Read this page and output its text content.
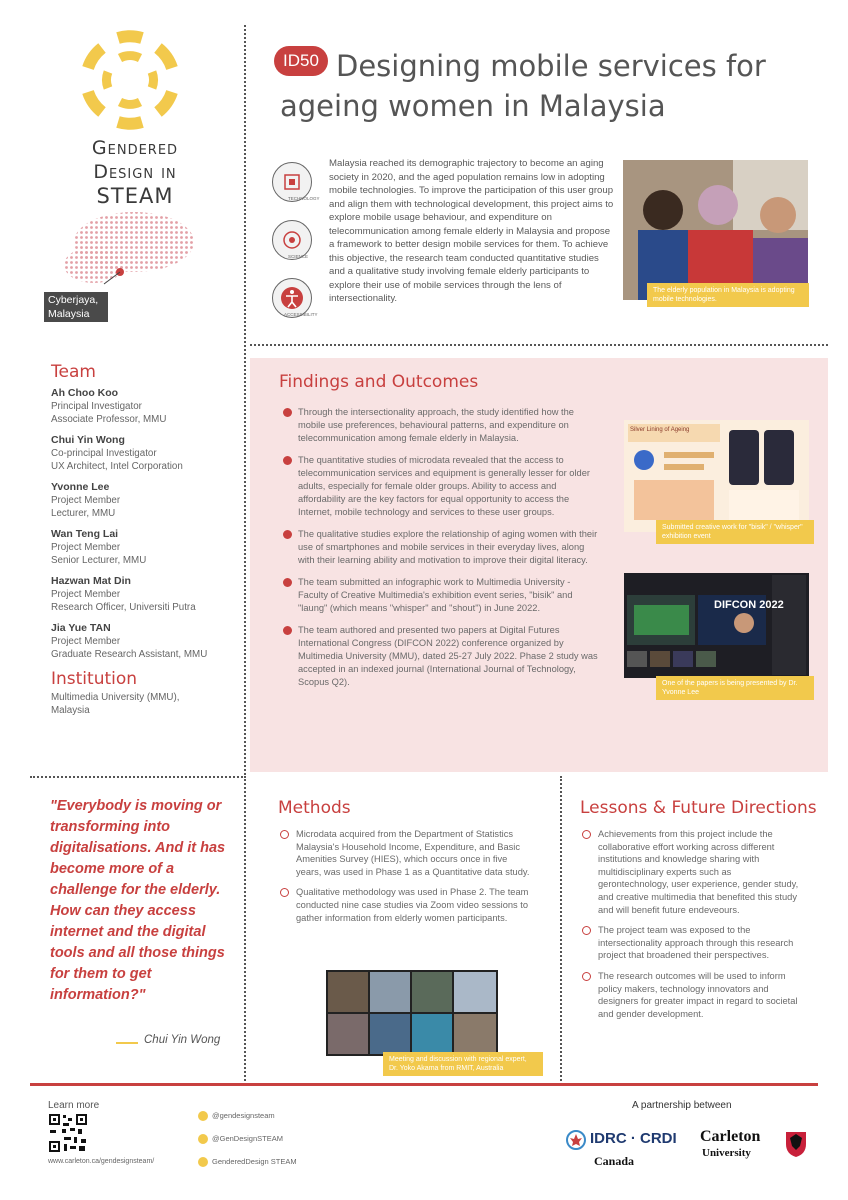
Gendered
Design in
STEAM
Cyberjaya, Malaysia
ID50 Designing mobile services for
ageing women in Malaysia
TECHNOLOGY
SCIENCE
ACCESSIBILITY
Malaysia reached its demographic trajectory to become an aging society in 2020, and the aged population remains low in adopting mobile technologies. To improve the participation of this user group and align them with technological development, this project aims to explore mobile usage behaviour, and expenditure on telecommunication among female elderly in Malaysia and propose a framework to better design mobile services for them. To achieve this objective, the research team conducted quantitative studies and a qualitative study involving female elderly participants to explore their use of mobile services through the lens of intersectionality.
The elderly population in Malaysia is adopting mobile technologies.
Team
Ah Choo Koo
Principal Investigator
Associate Professor, MMU
Chui Yin Wong
Co-principal Investigator
UX Architect, Intel Corporation
Yvonne Lee
Project Member
Lecturer, MMU
Wan Teng Lai
Project Member
Senior Lecturer, MMU
Hazwan Mat Din
Project Member
Research Officer, Universiti Putra
Jia Yue TAN
Project Member
Graduate Research Assistant, MMU
Institution
Multimedia University (MMU),
Malaysia
Findings and Outcomes
Through the intersectionality approach, the study identified how the mobile use preferences, behavioural patterns, and expenditure on telecommunication among female elderly in Malaysia.
The quantitative studies of microdata revealed that the access to telecommunication services and equipment is generally lesser for older adults, especially for female older groups. Ability to access and affordability are the key factors for equal opportunity to access the Internet, mobile technology and services to these user groups.
The qualitative studies explore the relationship of aging women with their use of smartphones and mobile services in their everyday lives, along with their learning ability and motivation to improve their digital literacy.
The team submitted an infographic work to Multimedia University - Faculty of Creative Multimedia's exhibition event series, "bisik" and "laung" (which means "whisper" and "shout") in June 2022.
The team authored and presented two papers at Digital Futures International Congress (DIFCON 2022) conference organized by Multimedia University (MMU), dated 25-27 July 2022. Phase 2 study was accepted in an indexed journal (International Journal of Technology, Scopus Q2).
Silver Lining of Ageing
Submitted creative work for "bisik" / "whisper" exhibition event
DIFCON 2022
One of the papers is being presented by Dr. Yvonne Lee
"Everybody is moving or transforming into digitalisations. And it has become more of a challenge for the elderly. How can they access internet and the digital tools and all those things for them to get information?"
Chui Yin Wong
Methods
Microdata acquired from the Department of Statistics Malaysia's Household Income, Expenditure, and Basic Amenities Survey (HIES), which occurs once in five years, was used in Phase 1 as a Quantitative data study.
Qualitative methodology was used in Phase 2. The team conducted nine case studies via Zoom video sessions to gather information from elderly women participants.
Meeting and discussion with regional expert, Dr. Yoko Akama from RMIT, Australia
Lessons & Future Directions
Achievements from this project include the collaborative effort working across different institutions and knowledge sharing with multidisciplinary experts such as gerontechnology, user experience, gender study, and creative multimedia that benefited this study and will benefit future endeveours.
The project team was exposed to the intersectionality approach through this research project that broadened their perspectives.
The research outcomes will be used to inform policy makers, technology innovators and designers for greater impact in regard to societal and gender development.
Learn more
www.carleton.ca/gendesignsteam/
@gendesignsteam
@GenDesignSTEAM
GenderedDesign STEAM
A partnership between
IDRC · CRDI
Canada
Carleton
University
